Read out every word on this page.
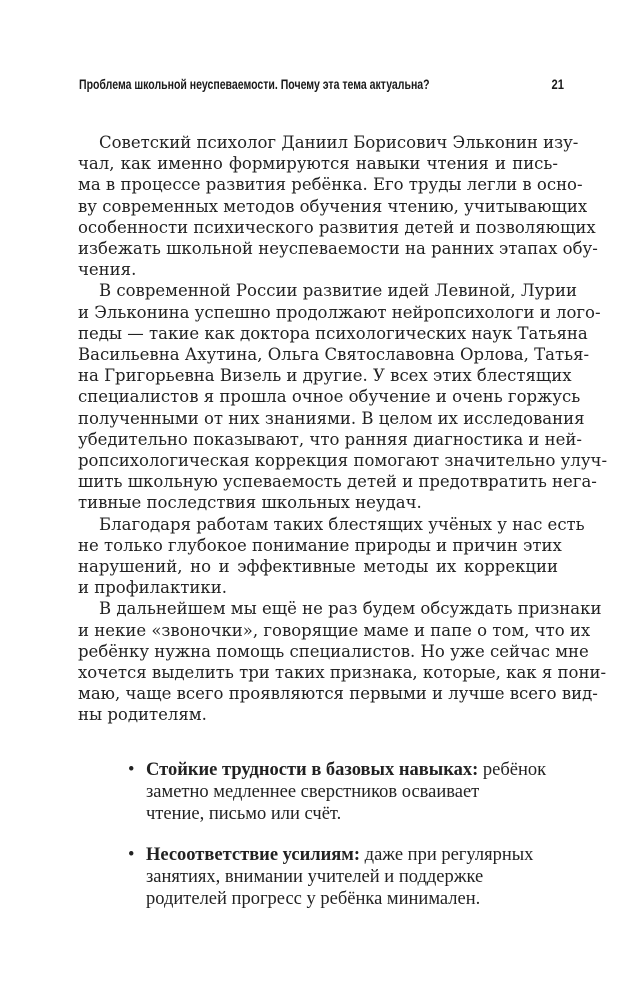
Проблема школьной неуспеваемости. Почему эта тема актуальна?	21
Советский психолог Даниил Борисович Эльконин изу-
чал, как именно формируются навыки чтения и пись-
ма в процессе развития ребёнка. Его труды легли в осно-
ву современных методов обучения чтению, учитывающих
особенности психического развития детей и позволяющих
избежать школьной неуспеваемости на ранних этапах обу-
чения.
В современной России развитие идей Левиной, Лурии
и Эльконина успешно продолжают нейропсихологи и лого-
педы — такие как доктора психологических наук Татьяна
Васильевна Ахутина, Ольга Святославовна Орлова, Татья-
на Григорьевна Визель и другие. У всех этих блестящих
специалистов я прошла очное обучение и очень горжусь
полученными от них знаниями. В целом их исследования
убедительно показывают, что ранняя диагностика и ней-
ропсихологическая коррекция помогают значительно улуч-
шить школьную успеваемость детей и предотвратить нега-
тивные последствия школьных неудач.
Благодаря работам таких блестящих учёных у нас есть
не только глубокое понимание природы и причин этих
нарушений, но и эффективные методы их коррекции
и профилактики.
В дальнейшем мы ещё не раз будем обсуждать признаки
и некие «звоночки», говорящие маме и папе о том, что их
ребёнку нужна помощь специалистов. Но уже сейчас мне
хочется выделить три таких признака, которые, как я пони-
маю, чаще всего проявляются первыми и лучше всего вид-
ны родителям.
• Стойкие трудности в базовых навыках: ребёнок
заметно медленнее сверстников осваивает
чтение, письмо или счёт.
• Несоответствие усилиям: даже при регулярных
занятиях, внимании учителей и поддержке
родителей прогресс у ребёнка минимален.
